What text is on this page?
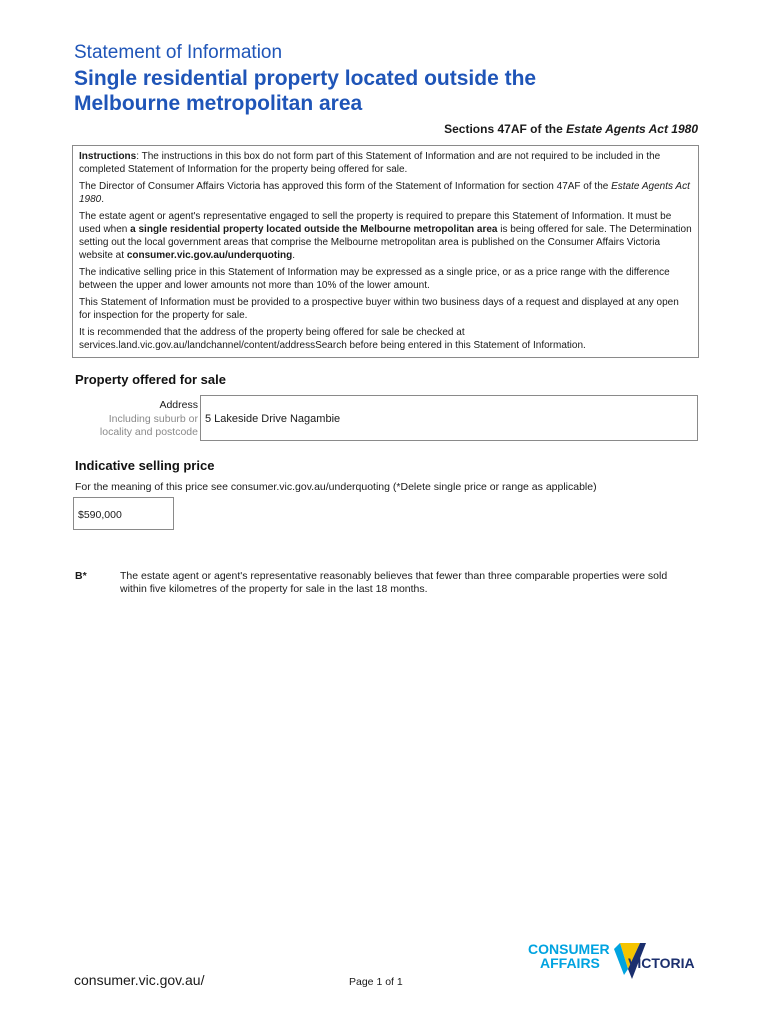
Statement of Information
Single residential property located outside the
Melbourne metropolitan area
Sections 47AF of the Estate Agents Act 1980

Instructions: The instructions in this box do not form part of this Statement of Information and are not required to be included in the completed Statement of Information for the property being offered for sale.

The Director of Consumer Affairs Victoria has approved this form of the Statement of Information for section 47AF of the Estate Agents Act 1980.

The estate agent or agent's representative engaged to sell the property is required to prepare this Statement of Information. It must be used when a single residential property located outside the Melbourne metropolitan area is being offered for sale. The Determination setting out the local government areas that comprise the Melbourne metropolitan area is published on the Consumer Affairs Victoria website at consumer.vic.gov.au/underquoting.

The indicative selling price in this Statement of Information may be expressed as a single price, or as a price range with the difference between the upper and lower amounts not more than 10% of the lower amount.

This Statement of Information must be provided to a prospective buyer within two business days of a request and displayed at any open for inspection for the property for sale.

It is recommended that the address of the property being offered for sale be checked at services.land.vic.gov.au/landchannel/content/addressSearch before being entered in this Statement of Information.

Property offered for sale
Address
Including suburb or
locality and postcode
5 Lakeside Drive Nagambie
Indicative selling price
For the meaning of this price see consumer.vic.gov.au/underquoting (*Delete single price or range as applicable)
$590,000
B*	The estate agent or agent's representative reasonably believes that fewer than three comparable properties were sold within five kilometres of the property for sale in the last 18 months.
CONSUMER
AFFAIRS VICTORIA
consumer.vic.gov.au/	Page 1 of 1
